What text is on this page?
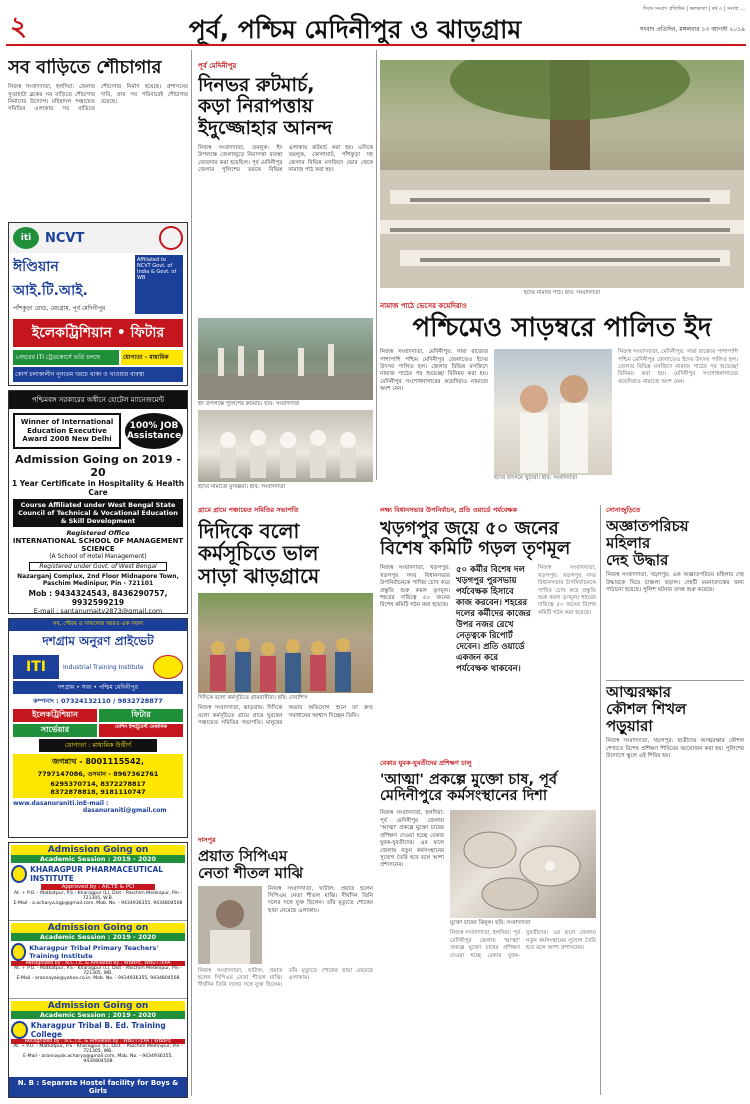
২	পূর্ব, পশ্চিম মেদিনীপুর ও ঝাড়গ্রাম
দিবস সংবাদ প্রতিদিন | ‍কলকাতা | বর্ষ ৩ | সংখ্যা ...
সংবাদ প্রতিদিন, মঙ্গলবার ১৩ আগস্ট ২০১৯
সব বাড়িতে শৌচাগার
নিজস্ব সংবাদদাতা, হলদিয়া: জেলার সুতাহাটা ব্লকের সব বাড়িতে শৌচাগার নির্মাণের উদ্যোগ। মহিষাদল পঞ্চায়েত সমিতির এলাকায় সব বাড়িতে শৌচাগার নির্মাণ হয়েছে। প্রশাসনের দাবি, প্রায় সব পরিবারেই শৌচাগার রয়েছে।
iti NCVT
ঈণ্ডিয়ান আই.টি.আই.
পাঁশকুড়া রোড, মেচগ্রাম, পূর্ব মেদিনীপুর
Affiliated to NCVT Govt. of India & Govt. of WB
ইলেকট্রিশিয়ান • ফিটার
২বছরের ITI ট্রেডকোর্সে ভর্তি চলছে	যোগ্যতা - মাধ্যমিক
কোর্স চলাকালীন নূন্যতম খরচে থাকা ও খাওয়ার ব্যবস্থা
পশ্চিমবঙ্গ সরকারের অধীনে হোটেল ম্যানেজমেন্ট
Winner of International Education Executive Award 2008 New Delhi
100% JOB Assistance
Admission Going on 2019 - 20
1 Year Certificate in Hospitality & Health Care
Course Affiliated under West Bengal State Council of Technical & Vocational Education & Skill Development
Registered Office
INTERNATIONAL SCHOOL OF MANAGEMENT SCIENCE
(A School of Hotel Management)
Registered under Govt. of West Bengal
Nazarganj Complex, 2nd Floor Midnapore Town, Paschim Medinipur, Pin - 721101
Mob : 9434324543, 8436290757, 9932599219
E-mail : santanumaity2873@gmail.com
সব, গৌরব ও সাফল্যের আরও এক সফল
দশগ্রাম অনুরণ প্রাইভেট
ITI	Industrial Training Institute
দশগ্রাম • সবং • পশ্চিম মেদিনীপুর
কম্পনাং : 07324132110 / 9832728877
ইলেকট্রিশিয়ান	ফিটার
সার্ভেয়ার	মেশিন ইন্সট্রুমেন্ট মেকানিক
যোগ্যতা : মাধ্যমিক উত্তীর্ণ
জগন্নাথ - 8001115542,
7797147086, ওসমান - 8967362761
6295370714, 8372278817
8372878818, 9181110747
www.dasanuraniti.in E-mail : dasanuraniti@gmail.com
পূর্ব মেদিনীপুর
দিনভর রুটমার্চ,
কড়া নিরাপত্তায়
ইদুজ্জোহার আনন্দ
নিজস্ব সংবাদদাতা, তমলুক: ইদ উপলক্ষে জেলাজুড়ে নিরাপত্তা ব্যবস্থা জোরদার করা হয়েছিল। পূর্ব মেদিনীপুর জেলার পুলিশের তরফে বিভিন্ন এলাকায় রুটমার্চ করা হয়। এদিকে তমলুক, কোলাঘাট, পাঁশকুড়া সহ জেলার বিভিন্ন মসজিদে ভোর থেকে নামাজ পাঠ করা হয়।
ইদের নামাজ পাঠ। ছবি: সংবাদদাতা
ইদ উপলক্ষে পুলিশের রুটমার্চ। ছবি: সংবাদদাতা
ইদের নামাজে মুসল্লিরা। ছবি: সংবাদদাতা
নামাজ পাঠে ভেসের কয়েদিরাও
পশ্চিমেও সাড়ম্বরে পালিত ইদ
নিজস্ব সংবাদদাতা, মেদিনীপুর: সারা রাজ্যের পাশাপাশি পশ্চিম মেদিনীপুর জেলাতেও ইদের উৎসব পালিত হল। জেলার বিভিন্ন মসজিদে নামাজ পাঠের পর শুভেচ্ছা বিনিময় করা হয়। মেদিনীপুর সংশোধনাগারের কয়েদিরাও নামাজে অংশ নেন।
ইদের উৎসবে খুদেরা। ছবি: সংবাদদাতা
নিজস্ব সংবাদদাতা, মেদিনীপুর: সারা রাজ্যের পাশাপাশি পশ্চিম মেদিনীপুর জেলাতেও ইদের উৎসব পালিত হল। জেলার বিভিন্ন মসজিদে নামাজ পাঠের পর শুভেচ্ছা বিনিময় করা হয়। মেদিনীপুর সংশোধনাগারের কয়েদিরাও নামাজে অংশ নেন।
গ্রামে গ্রামে পঞ্চায়েত সমিতির সভাপতি
দিদিকে বলো
কর্মসূচিতে ভাল
সাড়া ঝাড়গ্রামে
দিদিকে বলো কর্মসূচিতে গ্রামবাসীরা। ছবি: দেবাশিস
নিজস্ব সংবাদদাতা, ঝাড়গ্রাম: দিদিকে বলো কর্মসূচিতে গ্রামে গ্রামে ঘুরছেন পঞ্চায়েত সমিতির সভাপতি। মানুষের অভাব অভিযোগ শুনে তা দ্রুত সমাধানের আশ্বাস দিচ্ছেন তিনি।
লক্ষ্য বিধানসভার উপনির্বাচন, প্রতি ওয়ার্ডে পর্যবেক্ষক
খড়গপুর জয়ে ৫০ জনের
বিশেষ কমিটি গড়ল তৃণমূল
নিজস্ব সংবাদদাতা, খড়গপুর: খড়গপুর সদর বিধানসভার উপনির্বাচনকে পাখির চোখ করে প্রস্তুতি শুরু করল তৃণমূল। শহরের দায়িত্বে ৫০ জনের বিশেষ কমিটি গঠন করা হয়েছে।
৫০ কর্মীর বিশেষ দল খড়গপুর পুরসভায় পর্যবেক্ষক হিসাবে কাজ করবেন। শহরের দলের কর্মীদের কাজের উপর নজর রেখে নেতৃত্বকে রিপোর্ট দেবেন। প্রতি ওয়ার্ডে একজন করে পর্যবেক্ষক থাকবেন।
নিজস্ব সংবাদদাতা, খড়গপুর: খড়গপুর সদর বিধানসভার উপনির্বাচনকে পাখির চোখ করে প্রস্তুতি শুরু করল তৃণমূল। শহরের দায়িত্বে ৫০ জনের বিশেষ কমিটি গঠন করা হয়েছে।
বেকার যুবক-যুবতীদের প্রশিক্ষণ চালু
'আত্মা' প্রকল্পে মুক্তো চাষ, পূর্ব
মেদিনীপুরে কর্মসংস্থানের দিশা
নিজস্ব সংবাদদাতা, হলদিয়া: পূর্ব মেদিনীপুর জেলায় 'আত্মা' প্রকল্পে মুক্তো চাষের প্রশিক্ষণ দেওয়া হচ্ছে বেকার যুবক-যুবতীদের। এর ফলে জেলায় নতুন কর্মসংস্থানের সুযোগ তৈরি হবে বলে আশা প্রশাসনের।
মুক্তো চাষের ঝিনুক। ছবি: সংবাদদাতা
নিজস্ব সংবাদদাতা, হলদিয়া: পূর্ব মেদিনীপুর জেলায় 'আত্মা' প্রকল্পে মুক্তো চাষের প্রশিক্ষণ দেওয়া হচ্ছে বেকার যুবক-যুবতীদের। এর ফলে জেলায় নতুন কর্মসংস্থানের সুযোগ তৈরি হবে বলে আশা প্রশাসনের।
সোনাজুড়িতে
অজ্ঞাতপরিচয়
মহিলার
দেহ উদ্ধার
নিজস্ব সংবাদদাতা, খড়্গপুর: এক অজ্ঞাতপরিচয় মহিলার দেহ উদ্ধারকে ঘিরে চাঞ্চল্য ছড়াল। দেহটি ময়নাতদন্তের জন্য পাঠানো হয়েছে। পুলিশ ঘটনার তদন্ত শুরু করেছে।
আত্মরক্ষার
কৌশল শিখল
পড়ুয়ারা
নিজস্ব সংবাদদাতা, খড়গপুর: ছাত্রীদের আত্মরক্ষার কৌশল শেখাতে বিশেষ প্রশিক্ষণ শিবিরের আয়োজন করা হয়। পুলিশের উদ্যোগে স্কুলে এই শিবির হয়।
দাসপুর
প্রয়াত সিপিএম
নেতা শীতল মাঝি
নিজস্ব সংবাদদাতা, ঘাটাল: প্রয়াত হলেন সিপিএম নেতা শীতল মাঝি। দীর্ঘদিন তিনি দলের সঙ্গে যুক্ত ছিলেন। তাঁর মৃত্যুতে শোকের ছায়া নেমেছে এলাকায়।
নিজস্ব সংবাদদাতা, ঘাটাল: প্রয়াত হলেন সিপিএম নেতা শীতল মাঝি। দীর্ঘদিন তিনি দলের সঙ্গে যুক্ত ছিলেন। তাঁর মৃত্যুতে শোকের ছায়া নেমেছে এলাকায়।
Admission Going on
Academic Session : 2019 - 2020
KHARAGPUR PHARMACEUTICAL INSTITUTE
Approved by : AICTE & PCI
At. + P.O. - Matkatpur, P.S - Kharagpur (L), Dist - Paschim Medinipur, Pin - 721305, W.B.
E-Mail - a.acharya.kgp@gmail.com, Mob. No. - 9434936355, 9434804508
Admission Going on
Academic Session : 2019 - 2020
Kharagpur Tribal Primary Teachers' Training Institute
Recognized by : N.C.T.E. & Affiliated by : WBBPE, WBUTTEPA
At. + P.O. - Matkatpur, P.S - Kharagpur (L), Dist - Paschim Medinipur, Pin - 721305, WB.
E-Mail - arannayak@yahoo.co.in, Mob. No. - 9434936355, 9434804508
Admission Going on
Academic Session : 2019 - 2020
Kharagpur Tribal B. Ed. Training College
Recognized by : N.C.T.E. & Affiliated by : WBUTTEPA / WBBPE
At. + P.O. - Matkatpur, P.S - Kharagpur (L), Dist. - Paschim Medinipur, Pin - 721305, WB.
E-Mail - arannayak.acharya@gmail.com, Mob. No. - 9434936355, 9434804508
N. B : Separate Hostel facility for Boys & Girls
